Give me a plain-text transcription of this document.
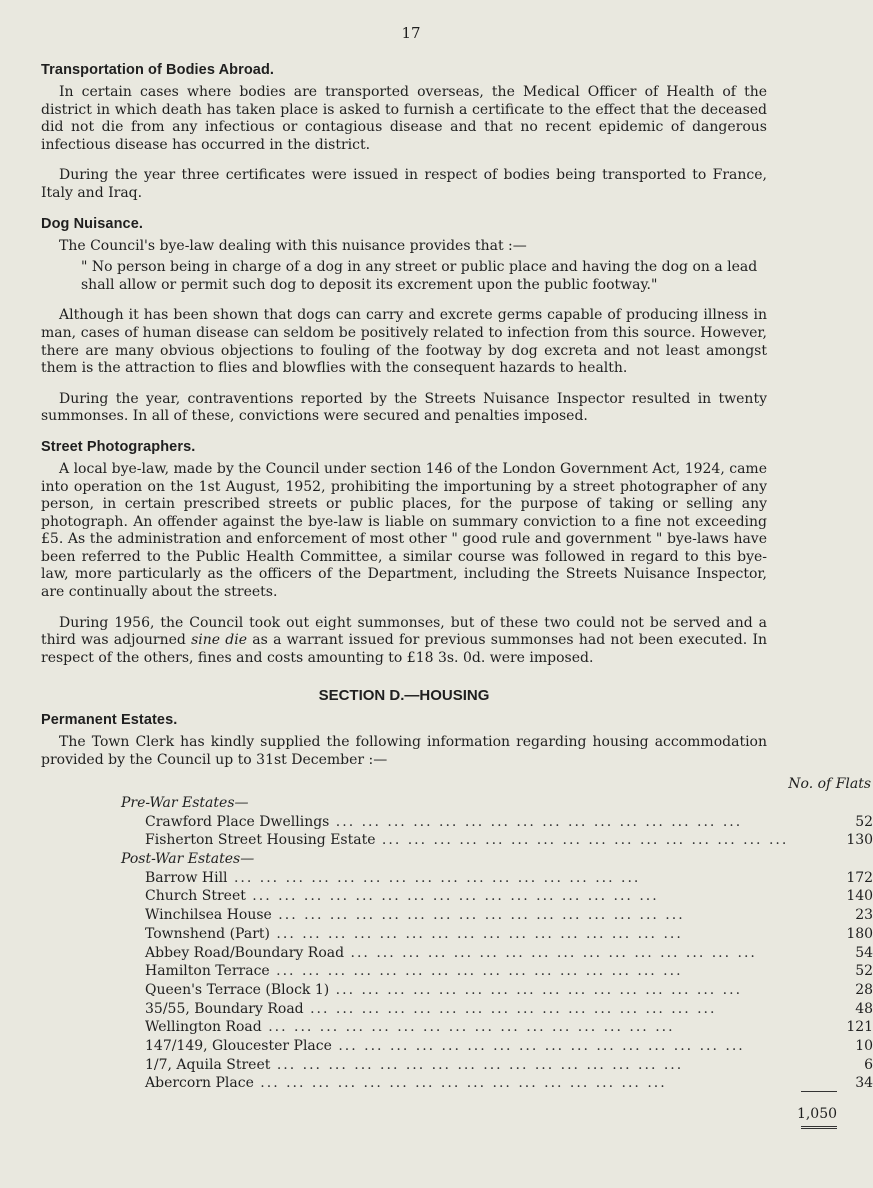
17
Transportation of Bodies Abroad.

In certain cases where bodies are transported overseas, the Medical Officer of Health of the district in which death has taken place is asked to furnish a certificate to the effect that the deceased did not die from any infectious or contagious disease and that no recent epidemic of dangerous infectious disease has occurred in the district.

During the year three certificates were issued in respect of bodies being transported to France, Italy and Iraq.

Dog Nuisance.

The Council's bye-law dealing with this nuisance provides that :—

" No person being in charge of a dog in any street or public place and having the dog on a lead
shall allow or permit such dog to deposit its excrement upon the public footway."

Although it has been shown that dogs can carry and excrete germs capable of producing illness in man, cases of human disease can seldom be positively related to infection from this source. However, there are many obvious objections to fouling of the footway by dog excreta and not least amongst them is the attraction to flies and blowflies with the consequent hazards to health.

During the year, contraventions reported by the Streets Nuisance Inspector resulted in twenty summonses. In all of these, convictions were secured and penalties imposed.

Street Photographers.

A local bye-law, made by the Council under section 146 of the London Government Act, 1924, came into operation on the 1st August, 1952, prohibiting the importuning by a street photographer of any person, in certain prescribed streets or public places, for the purpose of taking or selling any photograph. An offender against the bye-law is liable on summary conviction to a fine not exceeding £5. As the administration and enforcement of most other " good rule and government " bye-laws have been referred to the Public Health Committee, a similar course was followed in regard to this bye-law, more particularly as the officers of the Department, including the Streets Nuisance Inspector, are continually about the streets.

During 1956, the Council took out eight summonses, but of these two could not be served and a third was adjourned sine die as a warrant issued for previous summonses had not been executed. In respect of the others, fines and costs amounting to £18 3s. 0d. were imposed.

SECTION D.—HOUSING
Permanent Estates.

The Town Clerk has kindly supplied the following information regarding housing accommodation provided by the Council up to 31st December :—

	No. of Flats
Pre-War Estates—	
Crawford Place Dwellings ... ... ... ... ... ... ... ... ... ... ... ... ... ... ... ...	52
Fisherton Street Housing Estate ... ... ... ... ... ... ... ... ... ... ... ... ... ... ... ...	130
Post-War Estates—	
Barrow Hill ... ... ... ... ... ... ... ... ... ... ... ... ... ... ... ...	172
Church Street ... ... ... ... ... ... ... ... ... ... ... ... ... ... ... ...	140
Winchilsea House ... ... ... ... ... ... ... ... ... ... ... ... ... ... ... ...	23
Townshend (Part) ... ... ... ... ... ... ... ... ... ... ... ... ... ... ... ...	180
Abbey Road/Boundary Road ... ... ... ... ... ... ... ... ... ... ... ... ... ... ... ...	54
Hamilton Terrace ... ... ... ... ... ... ... ... ... ... ... ... ... ... ... ...	52
Queen's Terrace (Block 1) ... ... ... ... ... ... ... ... ... ... ... ... ... ... ... ...	28
35/55, Boundary Road ... ... ... ... ... ... ... ... ... ... ... ... ... ... ... ...	48
Wellington Road ... ... ... ... ... ... ... ... ... ... ... ... ... ... ... ...	121
147/149, Gloucester Place ... ... ... ... ... ... ... ... ... ... ... ... ... ... ... ...	10
1/7, Aquila Street ... ... ... ... ... ... ... ... ... ... ... ... ... ... ... ...	6
Abercorn Place ... ... ... ... ... ... ... ... ... ... ... ... ... ... ... ...	34

	1,050
